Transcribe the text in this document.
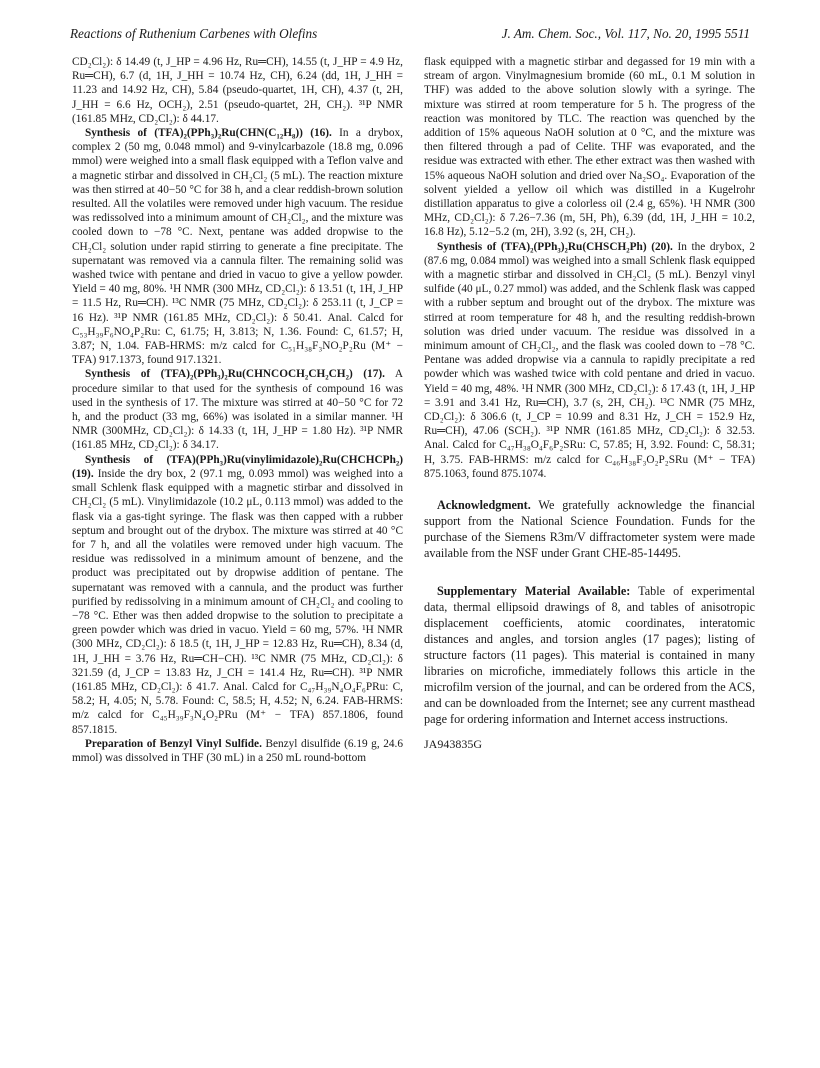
Reactions of Ruthenium Carbenes with Olefins	J. Am. Chem. Soc., Vol. 117, No. 20, 1995 5511

CD₂Cl₂): δ 14.49 (t, J_HP = 4.96 Hz, Ru═CH), 14.55 (t, J_HP = 4.9 Hz, Ru═CH), 6.7 (d, 1H, J_HH = 10.74 Hz, CH), 6.24 (dd, 1H, J_HH = 11.23 and 14.92 Hz, CH), 5.84 (pseudo-quartet, 1H, CH), 4.37 (t, 2H, J_HH = 6.6 Hz, OCH₂), 2.51 (pseudo-quartet, 2H, CH₂). ³¹P NMR (161.85 MHz, CD₂Cl₂): δ 44.17.

Synthesis of (TFA)₂(PPh₃)₂Ru(CHN(C₁₂H₈)) (16). In a drybox, complex 2 (50 mg, 0.048 mmol) and 9-vinylcarbazole (18.8 mg, 0.096 mmol) were weighed into a small flask equipped with a Teflon valve and a magnetic stirbar and dissolved in CH₂Cl₂ (5 mL). The reaction mixture was then stirred at 40−50 °C for 38 h, and a clear reddish-brown solution resulted. All the volatiles were removed under high vacuum. The residue was redissolved into a minimum amount of CH₂Cl₂, and the mixture was cooled down to −78 °C. Next, pentane was added dropwise to the CH₂Cl₂ solution under rapid stirring to generate a fine precipitate. The supernatant was removed via a cannula filter. The remaining solid was washed twice with pentane and dried in vacuo to give a yellow powder. Yield = 40 mg, 80%. ¹H NMR (300 MHz, CD₂Cl₂): δ 13.51 (t, 1H, J_HP = 11.5 Hz, Ru═CH). ¹³C NMR (75 MHz, CD₂Cl₂): δ 253.11 (t, J_CP = 16 Hz). ³¹P NMR (161.85 MHz, CD₂Cl₂): δ 50.41. Anal. Calcd for C₅₃H₃₉F₆NO₄P₂Ru: C, 61.75; H, 3.813; N, 1.36. Found: C, 61.57; H, 3.87; N, 1.04. FAB-HRMS: m/z calcd for C₅₁H₃₈F₃NO₂P₂Ru (M⁺ − TFA) 917.1373, found 917.1321.

Synthesis of (TFA)₂(PPh₃)₂Ru(CHNCOCH₂CH₂CH₂) (17). A procedure similar to that used for the synthesis of compound 16 was used in the synthesis of 17. The mixture was stirred at 40−50 °C for 72 h, and the product (33 mg, 66%) was isolated in a similar manner. ¹H NMR (300MHz, CD₂Cl₂): δ 14.33 (t, 1H, J_HP = 1.80 Hz). ³¹P NMR (161.85 MHz, CD₂Cl₂): δ 34.17.

Synthesis of (TFA)(PPh₃)Ru(vinylimidazole)₂Ru(CHCHCPh₂) (19). Inside the dry box, 2 (97.1 mg, 0.093 mmol) was weighed into a small Schlenk flask equipped with a magnetic stirbar and dissolved in CH₂Cl₂ (5 mL). Vinylimidazole (10.2 μL, 0.113 mmol) was added to the flask via a gas-tight syringe. The flask was then capped with a rubber septum and brought out of the drybox. The mixture was stirred at 40 °C for 7 h, and all the volatiles were removed under high vacuum. The residue was redissolved in a minimum amount of benzene, and the product was precipitated out by dropwise addition of pentane. The supernatant was removed with a cannula, and the product was further purified by redissolving in a minimum amount of CH₂Cl₂ and cooling to −78 °C. Ether was then added dropwise to the solution to precipitate a green powder which was dried in vacuo. Yield = 60 mg, 57%. ¹H NMR (300 MHz, CD₂Cl₂): δ 18.5 (t, 1H, J_HP = 12.83 Hz, Ru═CH), 8.34 (d, 1H, J_HH = 3.76 Hz, Ru═CH−CH). ¹³C NMR (75 MHz, CD₂Cl₂): δ 321.59 (d, J_CP = 13.83 Hz, J_CH = 141.4 Hz, Ru═CH). ³¹P NMR (161.85 MHz, CD₂Cl₂): δ 41.7. Anal. Calcd for C₄₇H₃₉N₄O₄F₆PRu: C, 58.2; H, 4.05; N, 5.78. Found: C, 58.5; H, 4.52; N, 6.24. FAB-HRMS: m/z calcd for C₄₅H₃₉F₃N₄O₂PRu (M⁺ − TFA) 857.1806, found 857.1815.

Preparation of Benzyl Vinyl Sulfide. Benzyl disulfide (6.19 g, 24.6 mmol) was dissolved in THF (30 mL) in a 250 mL round-bottom

flask equipped with a magnetic stirbar and degassed for 19 min with a stream of argon. Vinylmagnesium bromide (60 mL, 0.1 M solution in THF) was added to the above solution slowly with a syringe. The mixture was stirred at room temperature for 5 h. The progress of the reaction was monitored by TLC. The reaction was quenched by the addition of 15% aqueous NaOH solution at 0 °C, and the mixture was then filtered through a pad of Celite. THF was evaporated, and the residue was extracted with ether. The ether extract was then washed with 15% aqueous NaOH solution and dried over Na₂SO₄. Evaporation of the solvent yielded a yellow oil which was distilled in a Kugelrohr distillation apparatus to give a colorless oil (2.4 g, 65%). ¹H NMR (300 MHz, CD₂Cl₂): δ 7.26−7.36 (m, 5H, Ph), 6.39 (dd, 1H, J_HH = 10.2, 16.8 Hz), 5.12−5.2 (m, 2H), 3.92 (s, 2H, CH₂).

Synthesis of (TFA)₂(PPh₃)₂Ru(CHSCH₂Ph) (20). In the drybox, 2 (87.6 mg, 0.084 mmol) was weighed into a small Schlenk flask equipped with a magnetic stirbar and dissolved in CH₂Cl₂ (5 mL). Benzyl vinyl sulfide (40 μL, 0.27 mmol) was added, and the Schlenk flask was capped with a rubber septum and brought out of the drybox. The mixture was stirred at room temperature for 48 h, and the resulting reddish-brown solution was dried under vacuum. The residue was dissolved in a minimum amount of CH₂Cl₂, and the flask was cooled down to −78 °C. Pentane was added dropwise via a cannula to rapidly precipitate a red powder which was washed twice with cold pentane and dried in vacuo. Yield = 40 mg, 48%. ¹H NMR (300 MHz, CD₂Cl₂): δ 17.43 (t, 1H, J_HP = 3.91 and 3.41 Hz, Ru═CH), 3.7 (s, 2H, CH₂). ¹³C NMR (75 MHz, CD₂Cl₂): δ 306.6 (t, J_CP = 10.99 and 8.31 Hz, J_CH = 152.9 Hz, Ru═CH), 47.06 (SCH₂). ³¹P NMR (161.85 MHz, CD₂Cl₂): δ 32.53. Anal. Calcd for C₄₇H₃₈O₄F₆P₂SRu: C, 57.85; H, 3.92. Found: C, 58.31; H, 3.75. FAB-HRMS: m/z calcd for C₄₆H₃₈F₃O₂P₂SRu (M⁺ − TFA) 875.1063, found 875.1074.

Acknowledgment. We gratefully acknowledge the financial support from the National Science Foundation. Funds for the purchase of the Siemens R3m/V diffractometer system were made available from the NSF under Grant CHE-85-14495.

Supplementary Material Available: Table of experimental data, thermal ellipsoid drawings of 8, and tables of anisotropic displacement coefficients, atomic coordinates, interatomic distances and angles, and torsion angles (17 pages); listing of structure factors (11 pages). This material is contained in many libraries on microfiche, immediately follows this article in the microfilm version of the journal, and can be ordered from the ACS, and can be downloaded from the Internet; see any current masthead page for ordering information and Internet access instructions.

JA943835G
